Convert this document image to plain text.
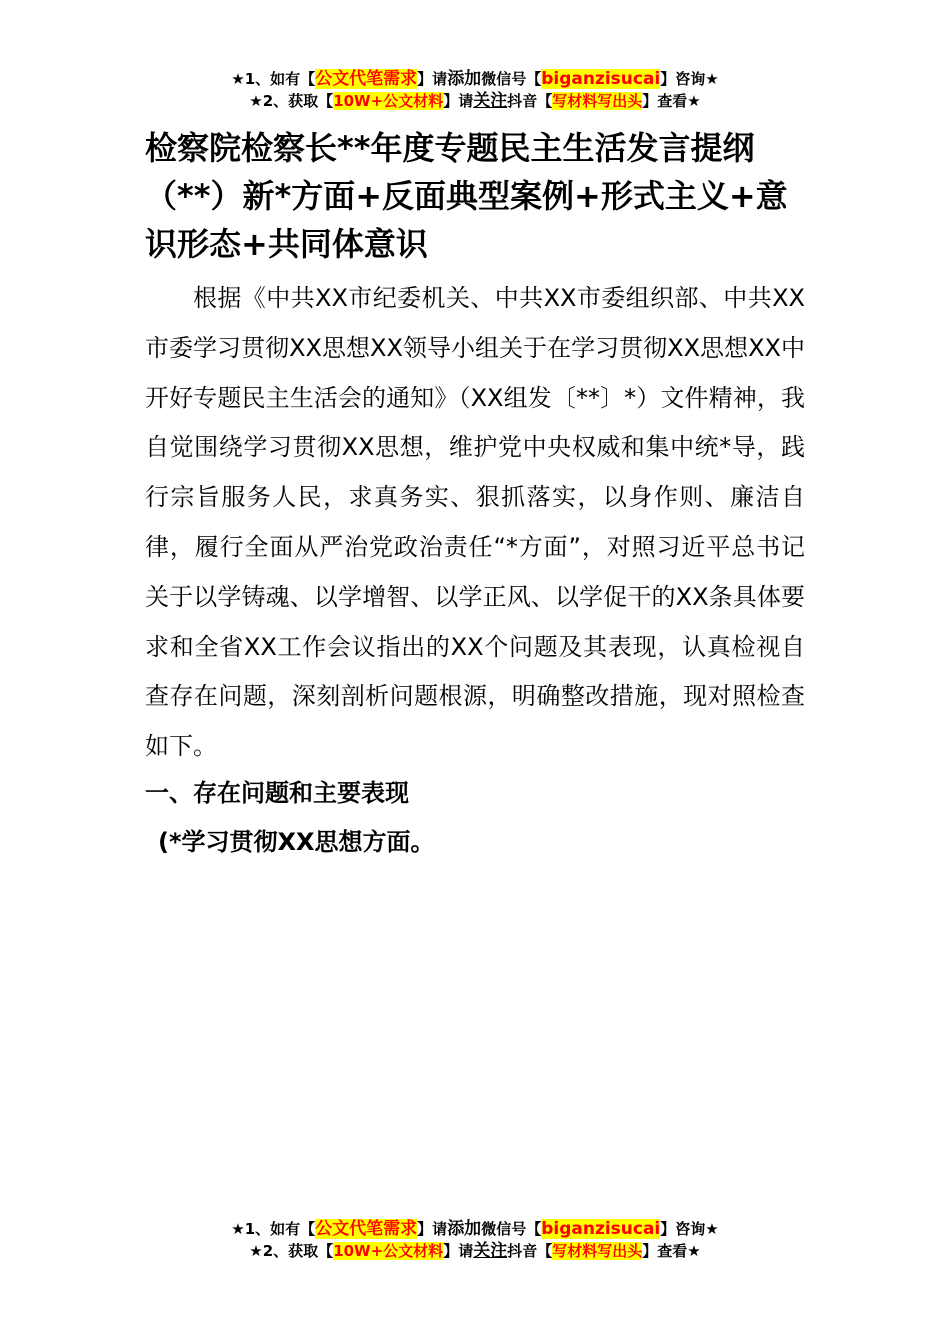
★1、如有【公文代笔需求】请添加微信号【biganzisucai】咨询★
★2、获取【10W+公文材料】请关注抖音【写材料写出头】查看★
检察院检察长**年度专题民主生活发言提纲（**）新*方面+反面典型案例+形式主义+意识形态+共同体意识

根据《中共XX市纪委机关、中共XX市委组织部、中共XX市委学习贯彻XX思想XX领导小组关于在学习贯彻XX思想XX中开好专题民主生活会的通知》（XX组发〔**〕*）文件精神，我自觉围绕学习贯彻XX思想，维护党中央权威和集中统*导，践行宗旨服务人民，求真务实、狠抓落实，以身作则、廉洁自律，履行全面从严治党政治责任“*方面”，对照习近平总书记关于以学铸魂、以学增智、以学正风、以学促干的XX条具体要求和全省XX工作会议指出的XX个问题及其表现，认真检视自查存在问题，深刻剖析问题根源，明确整改措施，现对照检查如下。

一、存在问题和主要表现
(*学习贯彻XX思想方面。
★1、如有【公文代笔需求】请添加微信号【biganzisucai】咨询★
★2、获取【10W+公文材料】请关注抖音【写材料写出头】查看★
